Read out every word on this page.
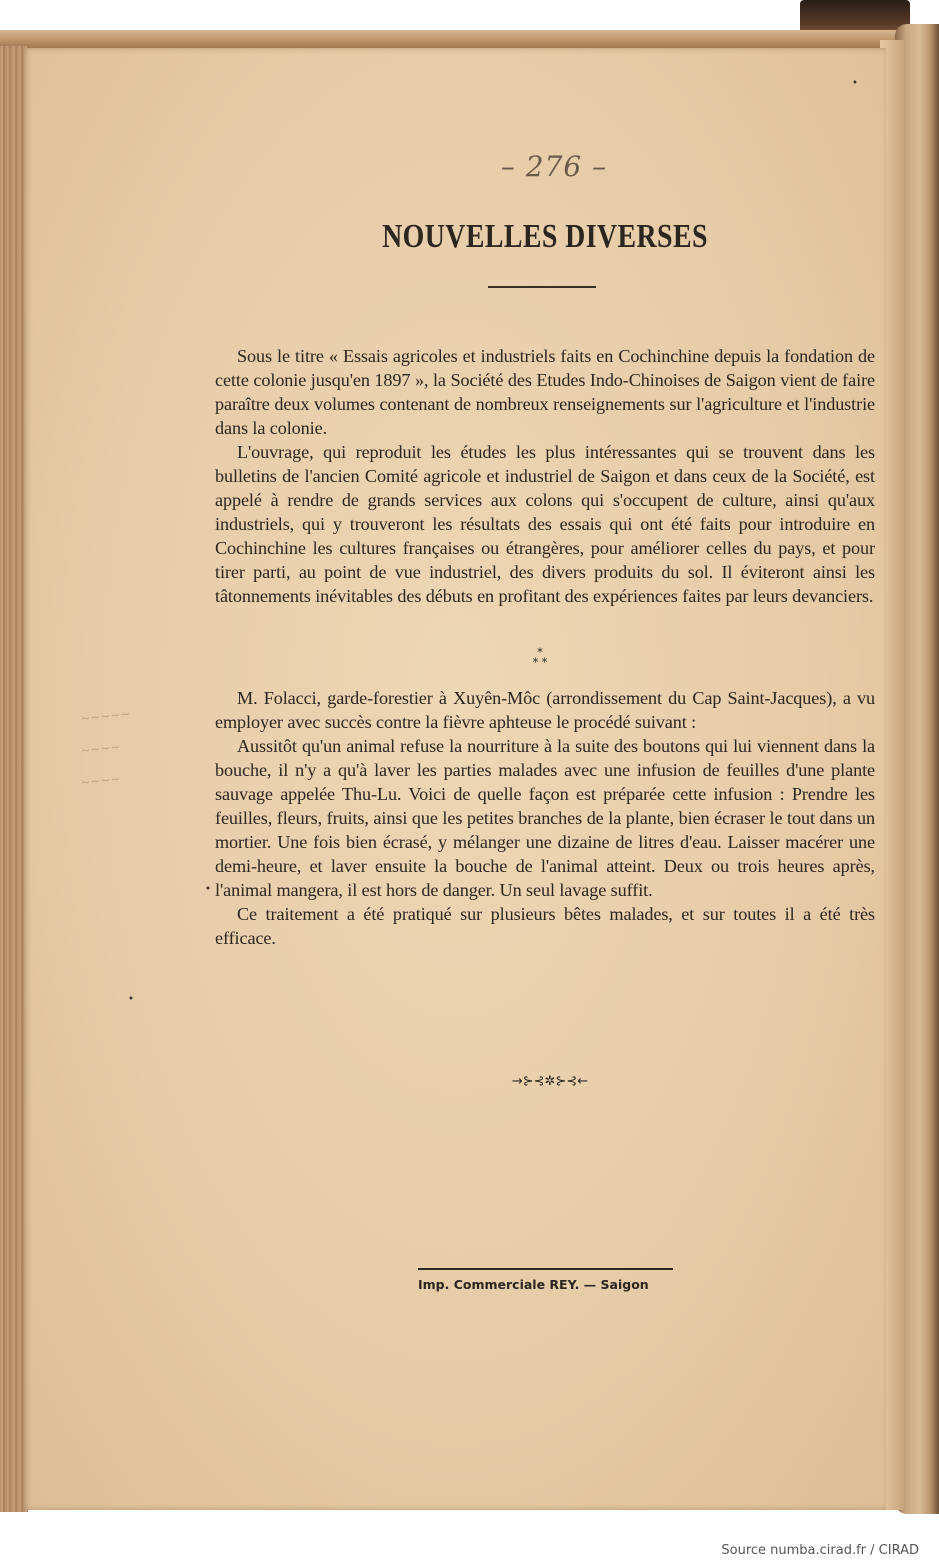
– 276 –
NOUVELLES DIVERSES

Sous le titre « Essais agricoles et industriels faits en Cochinchine depuis la fondation de cette colonie jusqu'en 1897 », la Société des Etudes Indo-Chinoises de Saigon vient de faire paraître deux volumes contenant de nombreux renseignements sur l'agriculture et l'industrie dans la colonie.

L'ouvrage, qui reproduit les études les plus intéressantes qui se trouvent dans les bulletins de l'ancien Comité agricole et industriel de Saigon et dans ceux de la Société, est appelé à rendre de grands services aux colons qui s'occupent de culture, ainsi qu'aux industriels, qui y trouveront les résultats des essais qui ont été faits pour introduire en Cochinchine les cultures françaises ou étrangères, pour améliorer celles du pays, et pour tirer parti, au point de vue industriel, des divers produits du sol. Il éviteront ainsi les tâtonnements inévitables des débuts en profitant des expériences faites par leurs devanciers.

*
* *

M. Folacci, garde-forestier à Xuyên-Môc (arrondissement du Cap Saint-Jacques), a vu employer avec succès contre la fièvre aphteuse le procédé suivant :

Aussitôt qu'un animal refuse la nourriture à la suite des boutons qui lui viennent dans la bouche, il n'y a qu'à laver les parties malades avec une infusion de feuilles d'une plante sauvage appelée Thu-Lu. Voici de quelle façon est préparée cette infusion : Prendre les feuilles, fleurs, fruits, ainsi que les petites branches de la plante, bien écraser le tout dans un mortier. Une fois bien écrasé, y mélanger une dizaine de litres d'eau. Laisser macérer une demi-heure, et laver ensuite la bouche de l'animal atteint. Deux ou trois heures après, l'animal mangera, il est hors de danger. Un seul lavage suffit.

Ce traitement a été pratiqué sur plusieurs bêtes malades, et sur toutes il a été très efficace.

~~~~~
~~~~
~~~~
→⊱⊰✲⊱⊰←

Imp. Commerciale REY. — Saigon

•
•
•

Source numba.cirad.fr / CIRAD
